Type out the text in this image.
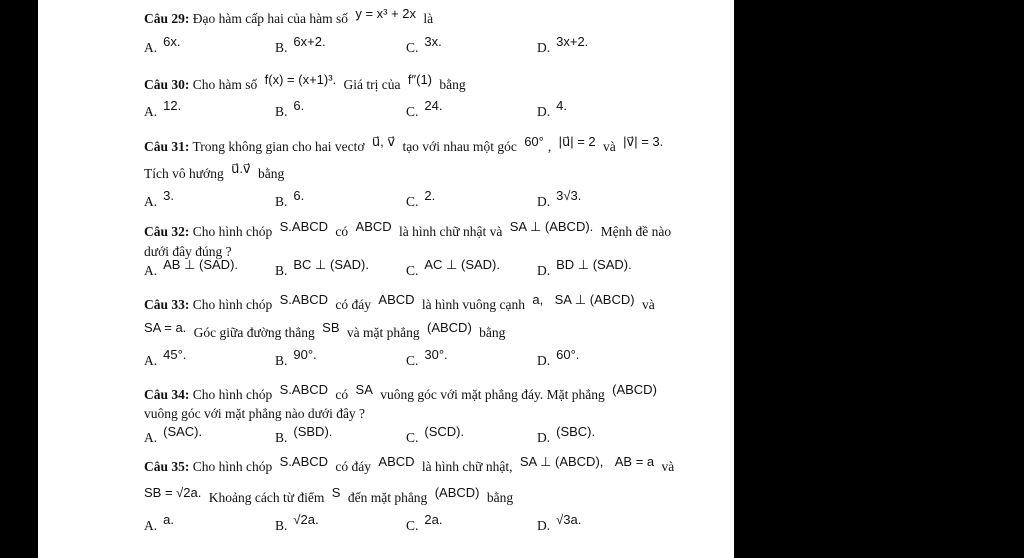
Câu 29: Đạo hàm cấp hai của hàm số y = x³ + 2x là
A. 6x.	B. 6x+2.	C. 3x.	D. 3x+2.
Câu 30: Cho hàm số f(x) = (x+1)³. Giá trị của f″(1) bằng
A. 12.	B. 6.	C. 24.	D. 4.
Câu 31: Trong không gian cho hai vectơ u⃗, v⃗ tạo với nhau một góc 60° , |u⃗| = 2 và |v⃗| = 3.
Tích vô hướng u⃗.v⃗ bằng
A. 3.	B. 6.	C. 2.	D. 3√3.
Câu 32: Cho hình chóp S.ABCD có ABCD là hình chữ nhật và SA ⊥ (ABCD). Mệnh đề nào
dưới đây đúng ?
A. AB ⊥ (SAD).	B. BC ⊥ (SAD).	C. AC ⊥ (SAD).	D. BD ⊥ (SAD).
Câu 33: Cho hình chóp S.ABCD có đáy ABCD là hình vuông cạnh a, SA ⊥ (ABCD) và
SA = a. Góc giữa đường thẳng SB và mặt phẳng (ABCD) bằng
A. 45°.	B. 90°.	C. 30°.	D. 60°.
Câu 34: Cho hình chóp S.ABCD có SA vuông góc với mặt phẳng đáy. Mặt phẳng (ABCD)
vuông góc với mặt phẳng nào dưới đây ?
A. (SAC).	B. (SBD).	C. (SCD).	D. (SBC).
Câu 35: Cho hình chóp S.ABCD có đáy ABCD là hình chữ nhật, SA ⊥ (ABCD), AB = a và
SB = √2a. Khoảng cách từ điểm S đến mặt phẳng (ABCD) bằng
A. a.	B. √2a.	C. 2a.	D. √3a.
